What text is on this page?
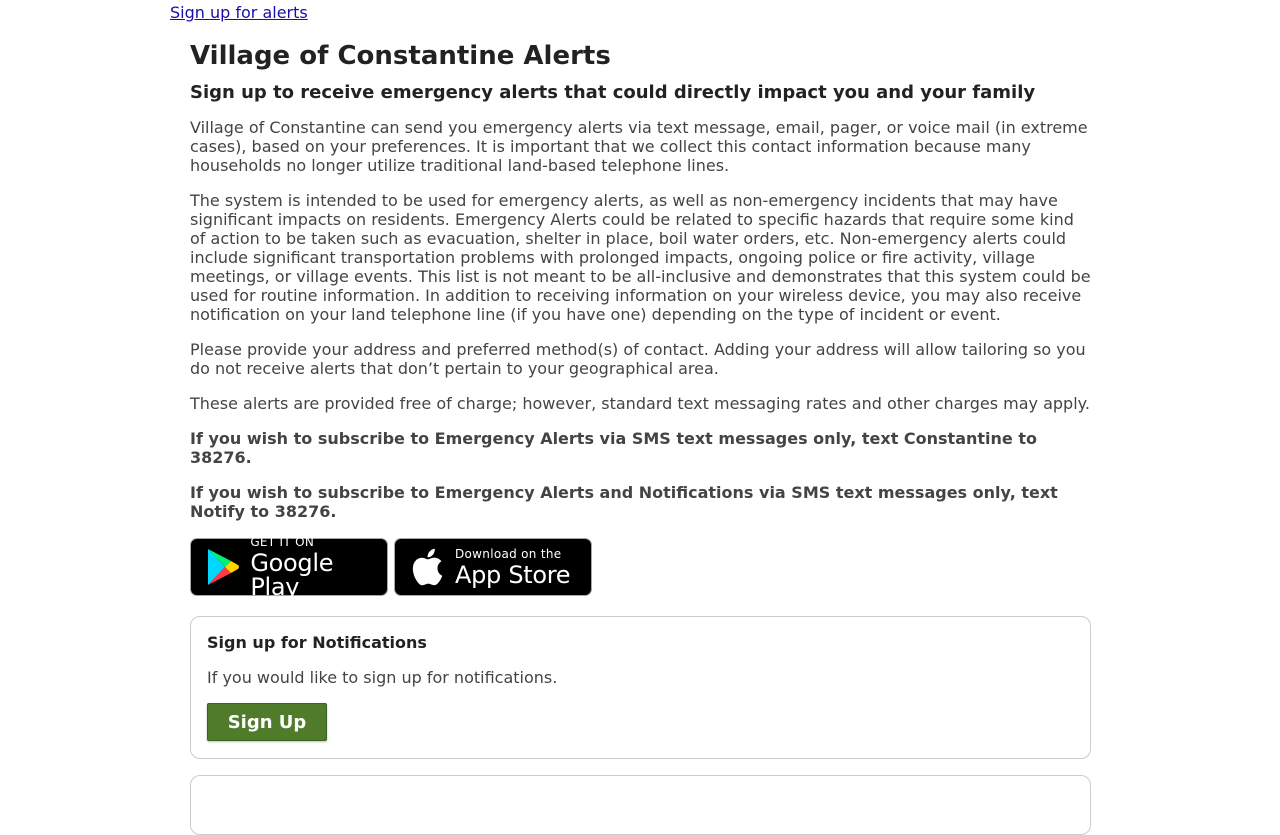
Sign up for alerts
Village of Constantine Alerts
Sign up to receive emergency alerts that could directly impact you and your family

Village of Constantine can send you emergency alerts via text message, email, pager, or voice mail (in extreme cases), based on your preferences. It is important that we collect this contact information because many households no longer utilize traditional land-based telephone lines.

The system is intended to be used for emergency alerts, as well as non-emergency incidents that may have significant impacts on residents. Emergency Alerts could be related to specific hazards that require some kind of action to be taken such as evacuation, shelter in place, boil water orders, etc. Non-emergency alerts could include significant transportation problems with prolonged impacts, ongoing police or fire activity, village meetings, or village events. This list is not meant to be all-inclusive and demonstrates that this system could be used for routine information. In addition to receiving information on your wireless device, you may also receive notification on your land telephone line (if you have one) depending on the type of incident or event.

Please provide your address and preferred method(s) of contact. Adding your address will allow tailoring so you do not receive alerts that don’t pertain to your geographical area.

These alerts are provided free of charge; however, standard text messaging rates and other charges may apply.

If you wish to subscribe to Emergency Alerts via SMS text messages only, text Constantine to 38276.

If you wish to subscribe to Emergency Alerts and Notifications via SMS text messages only, text Notify to 38276.

GET IT ON
Google Play
Download on the
App Store
Sign up for Notifications

If you would like to sign up for notifications.

Sign Up
